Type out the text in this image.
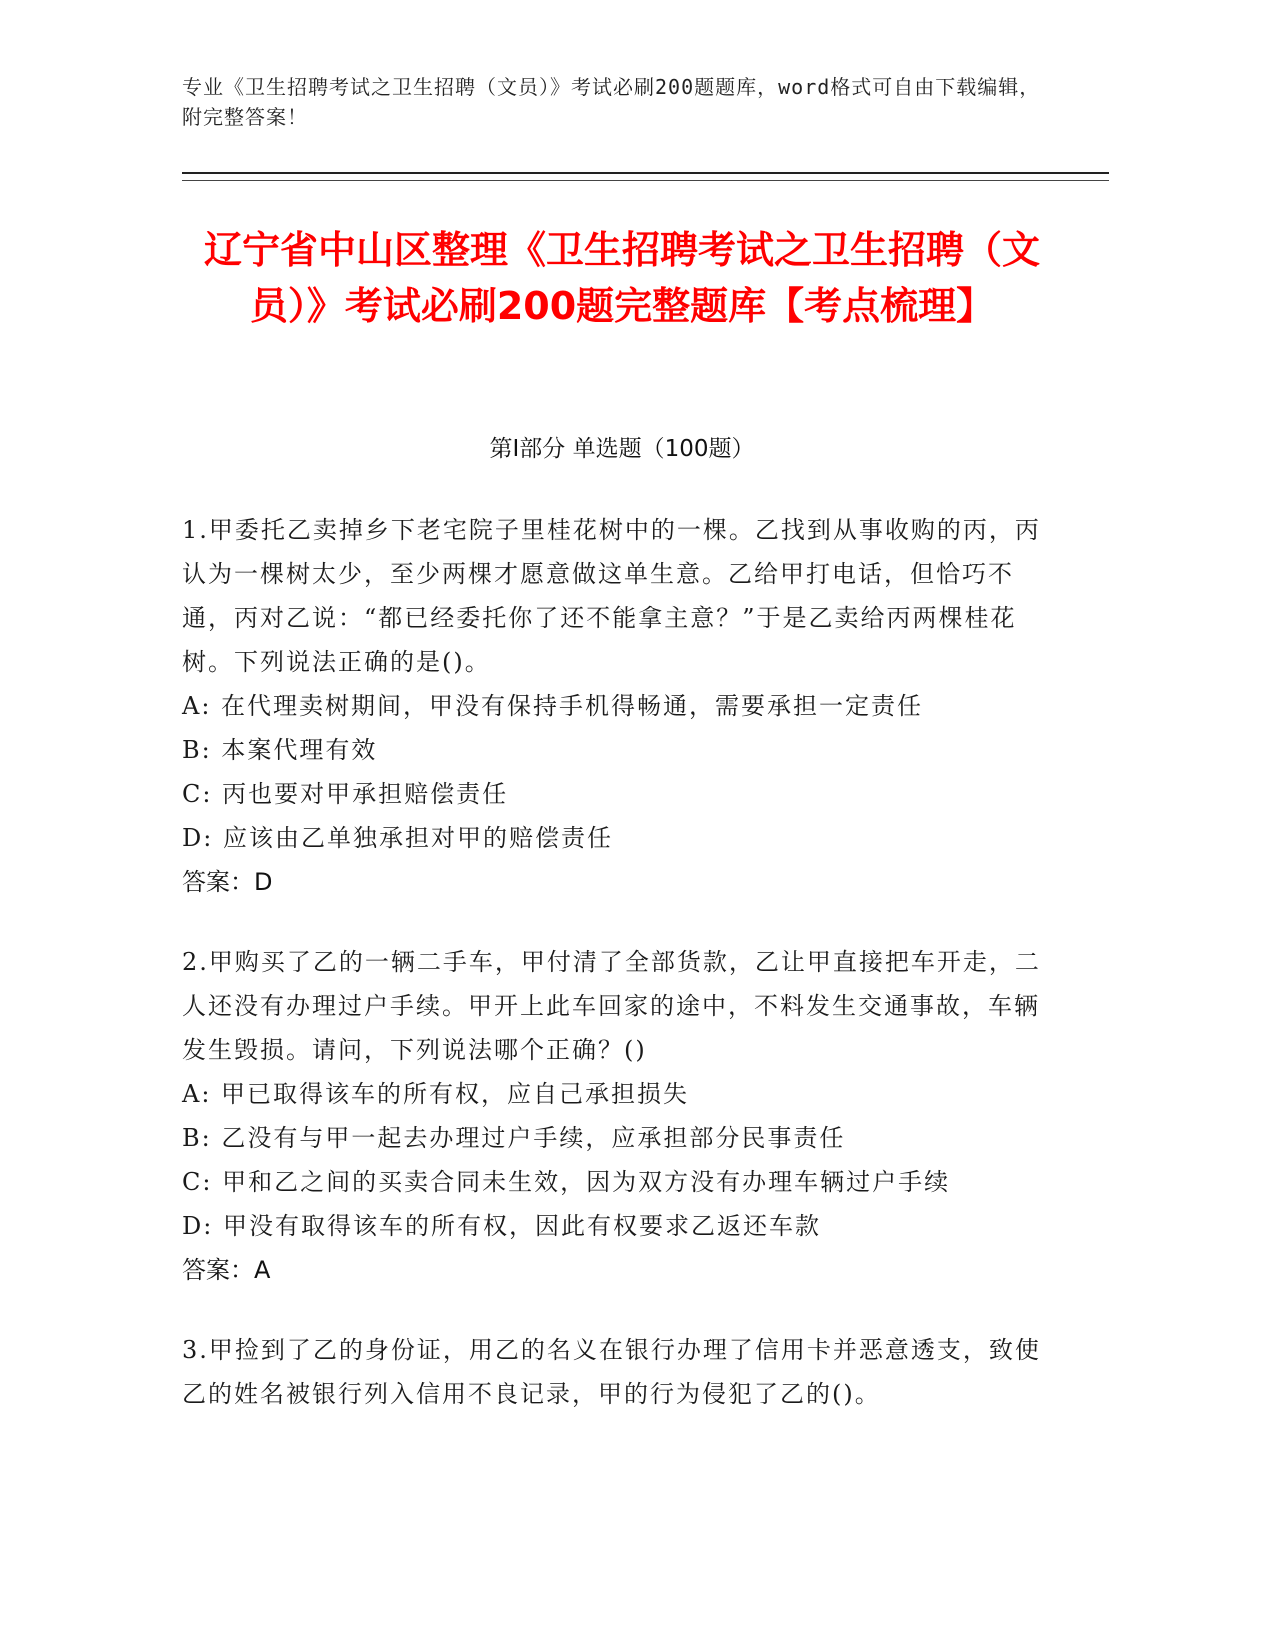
专业《卫生招聘考试之卫生招聘（文员）》考试必刷200题题库，word格式可自由下载编辑，附完整答案！
辽宁省中山区整理《卫生招聘考试之卫生招聘（文员）》考试必刷200题完整题库【考点梳理】
第Ⅰ部分 单选题（100题）
1.甲委托乙卖掉乡下老宅院子里桂花树中的一棵。乙找到从事收购的丙，丙认为一棵树太少，至少两棵才愿意做这单生意。乙给甲打电话，但恰巧不通，丙对乙说：“都已经委托你了还不能拿主意？”于是乙卖给丙两棵桂花树。下列说法正确的是()。
A: 在代理卖树期间，甲没有保持手机得畅通，需要承担一定责任
B: 本案代理有效
C: 丙也要对甲承担赔偿责任
D: 应该由乙单独承担对甲的赔偿责任
答案：D
2.甲购买了乙的一辆二手车，甲付清了全部货款，乙让甲直接把车开走，二人还没有办理过户手续。甲开上此车回家的途中，不料发生交通事故，车辆发生毁损。请问，下列说法哪个正确？()
A: 甲已取得该车的所有权，应自己承担损失
B: 乙没有与甲一起去办理过户手续，应承担部分民事责任
C: 甲和乙之间的买卖合同未生效，因为双方没有办理车辆过户手续
D: 甲没有取得该车的所有权，因此有权要求乙返还车款
答案：A
3.甲捡到了乙的身份证，用乙的名义在银行办理了信用卡并恶意透支，致使乙的姓名被银行列入信用不良记录，甲的行为侵犯了乙的()。
